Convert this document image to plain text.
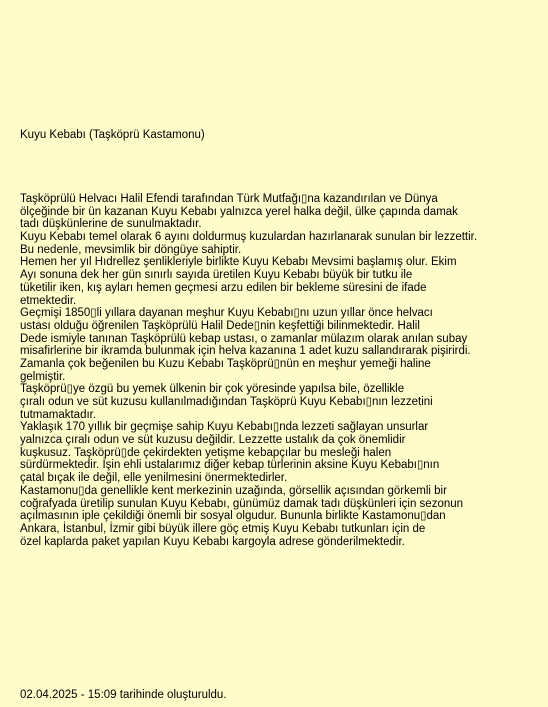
Kuyu Kebabı (Taşköprü Kastamonu)
Taşköprülü Helvacı Halil Efendi tarafından Türk Mutfağı▯na kazandırılan ve Dünya
ölçeğinde bir ün kazanan Kuyu Kebabı yalnızca yerel halka değil, ülke çapında damak
tadı düşkünlerine de sunulmaktadır.
Kuyu Kebabı temel olarak 6 ayını doldurmuş kuzulardan hazırlanarak sunulan bir lezzettir.
Bu nedenle, mevsimlik bir döngüye sahiptir.
Hemen her yıl Hıdrellez şenlikleriyle birlikte Kuyu Kebabı Mevsimi başlamış olur. Ekim
Ayı sonuna dek her gün sınırlı sayıda üretilen Kuyu Kebabı büyük bir tutku ile
tüketilir iken, kış ayları hemen geçmesi arzu edilen bir bekleme süresini de ifade
etmektedir.
Geçmişi 1850▯li yıllara dayanan meşhur Kuyu Kebabı▯nı uzun yıllar önce helvacı
ustası olduğu öğrenilen Taşköprülü Halil Dede▯nin keşfettiği bilinmektedir. Halil
Dede ismiyle tanınan Taşköprülü kebap ustası, o zamanlar mülazım olarak anılan subay
misafirlerine bir ikramda bulunmak için helva kazanına 1 adet kuzu sallandırarak pişirirdi.
Zamanla çok beğenilen bu Kuzu Kebabı Taşköprü▯nün en meşhur yemeği haline
gelmiştir.
Taşköprü▯ye özgü bu yemek ülkenin bir çok yöresinde yapılsa bile, özellikle
çıralı odun ve süt kuzusu kullanılmadığından Taşköprü Kuyu Kebabı▯nın lezzetini
tutmamaktadır.
Yaklaşık 170 yıllık bir geçmişe sahip Kuyu Kebabı▯nda lezzeti sağlayan unsurlar
yalnızca çıralı odun ve süt kuzusu değildir. Lezzette ustalık da çok önemlidir
kuşkusuz. Taşköprü▯de çekirdekten yetişme kebapçılar bu mesleği halen
sürdürmektedir. İşin ehli ustalarımız diğer kebap türlerinin aksine Kuyu Kebabı▯nın
çatal bıçak ile değil, elle yenilmesini önermektedirler.
Kastamonu▯da genellikle kent merkezinin uzağında, görsellik açısından görkemli bir
coğrafyada üretilip sunulan Kuyu Kebabı, günümüz damak tadı düşkünleri için sezonun
açılmasının iple çekildiği önemli bir sosyal olgudur. Bununla birlikte Kastamonu▯dan
Ankara, İstanbul, İzmir gibi büyük illere göç etmiş Kuyu Kebabı tutkunları için de
özel kaplarda paket yapılan Kuyu Kebabı kargoyla adrese gönderilmektedir.
02.04.2025 - 15:09 tarihinde oluşturuldu.
